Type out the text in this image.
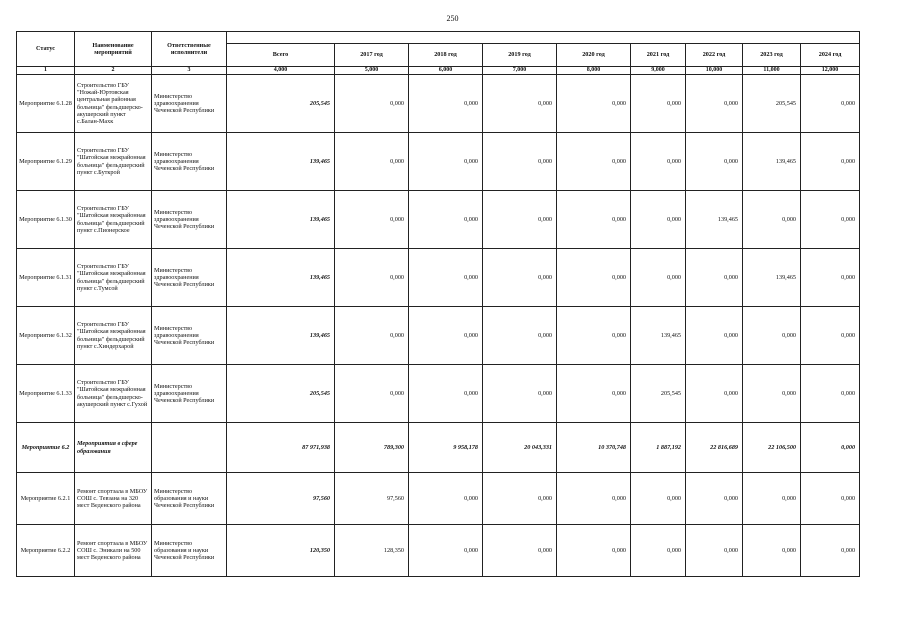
250
Статус	Наименование мероприятий	Ответственные исполнители									
			Всего	2017 год	2018 год	2019 год	2020 год	2021 год	2022 год	2023 год	2024 год
1	2	3	4,000	5,000	6,000	7,000	8,000	9,000	10,000	11,000	12,000
Мероприятие 6.1.28	Строительство ГБУ "Ножай-Юртовская центральная районная больница" фельдшерско-акушерский пункт с.Балан-Махк	Министерство здравоохранения Чеченской Республики	205,545	0,000	0,000	0,000	0,000	0,000	0,000	205,545	0,000
Мероприятие 6.1.29	Строительство ГБУ "Шатойская межрайонная больница" фельдшерский пункт с.Буткрой	Министерство здравоохранения Чеченской Республики	139,465	0,000	0,000	0,000	0,000	0,000	0,000	139,465	0,000
Мероприятие 6.1.30	Строительство ГБУ "Шатойская межрайонная больница" фельдшерский пункт с.Пионерское	Министерство здравоохранения Чеченской Республики	139,465	0,000	0,000	0,000	0,000	0,000	139,465	0,000	0,000
Мероприятие 6.1.31	Строительство ГБУ "Шатойская межрайонная больница" фельдшерский пункт с.Тумсой	Министерство здравоохранения Чеченской Республики	139,465	0,000	0,000	0,000	0,000	0,000	0,000	139,465	0,000
Мероприятие 6.1.32	Строительство ГБУ "Шатойская межрайонная больница" фельдшерский пункт с.Хиндерхарой	Министерство здравоохранения Чеченской Республики	139,465	0,000	0,000	0,000	0,000	139,465	0,000	0,000	0,000
Мероприятие 6.1.33	Строительство ГБУ "Шатойская межрайонная больница" фельдшерско-акушерский пункт с.Гухой	Министерство здравоохранения Чеченской Республики	205,545	0,000	0,000	0,000	0,000	205,545	0,000	0,000	0,000
Мероприятие 6.2	Мероприятия в сфере образования		87 971,938	789,300	9 958,178	20 043,331	10 370,748	1 887,192	22 816,689	22 106,500	0,000
Мероприятие 6.2.1	Ремонт спортзала в МБОУ СОШ с. Тевзана на 320 мест Веденского района	Министерство образования и науки Чеченской Республики	97,560	97,560	0,000	0,000	0,000	0,000	0,000	0,000	0,000
Мероприятие 6.2.2	Ремонт спортзала в МБОУ СОШ с. Эникали на 500 мест Веденского района	Министерство образования и науки Чеченской Республики	120,350	128,350	0,000	0,000	0,000	0,000	0,000	0,000	0,000
